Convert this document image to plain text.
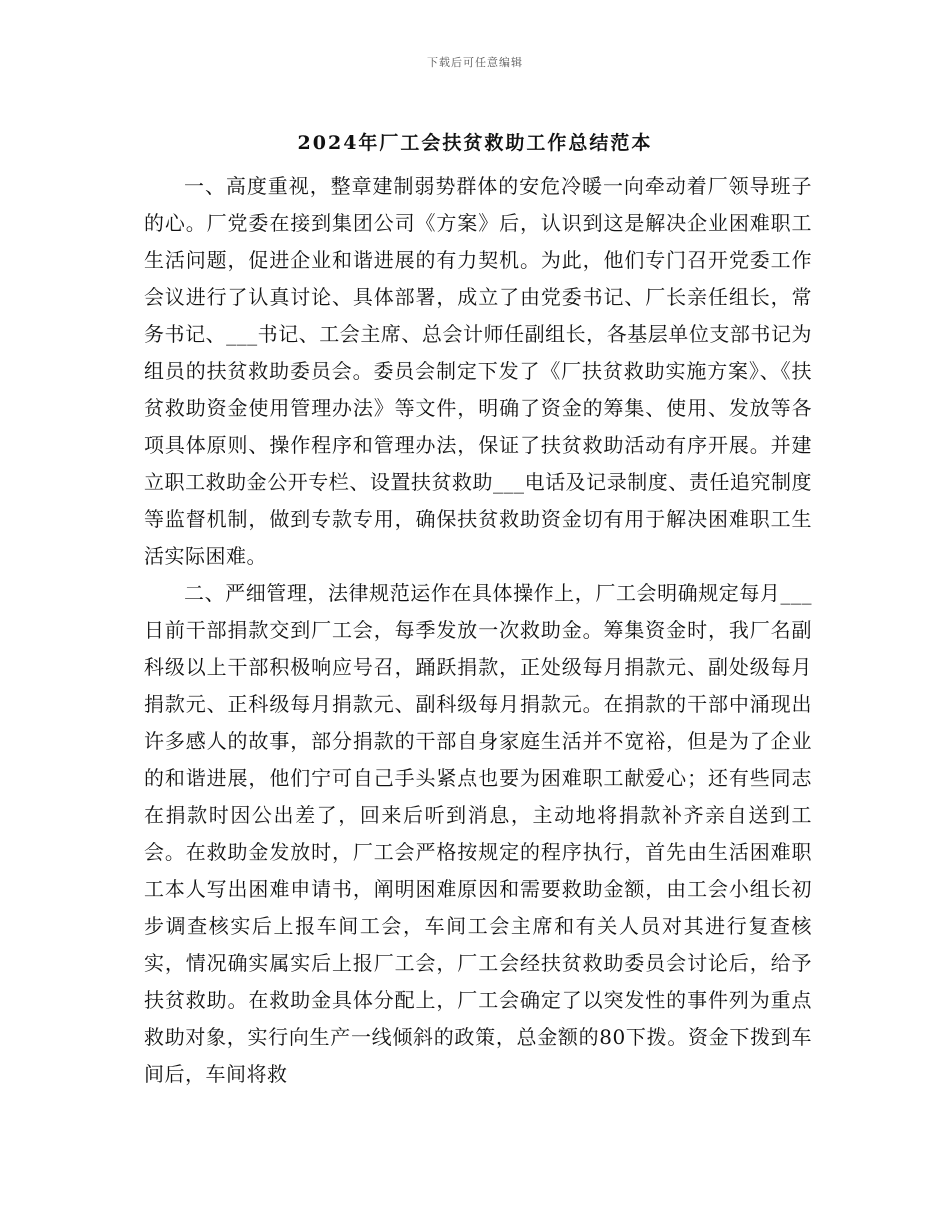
下载后可任意编辑
2024年厂工会扶贫救助工作总结范本

一、高度重视，整章建制弱势群体的安危冷暖一向牵动着厂领导班子的心。厂党委在接到集团公司《方案》后，认识到这是解决企业困难职工生活问题，促进企业和谐进展的有力契机。为此，他们专门召开党委工作会议进行了认真讨论、具体部署，成立了由党委书记、厂长亲任组长，常务书记、___书记、工会主席、总会计师任副组长，各基层单位支部书记为组员的扶贫救助委员会。委员会制定下发了《厂扶贫救助实施方案》、《扶贫救助资金使用管理办法》等文件，明确了资金的筹集、使用、发放等各项具体原则、操作程序和管理办法，保证了扶贫救助活动有序开展。并建立职工救助金公开专栏、设置扶贫救助___电话及记录制度、责任追究制度等监督机制，做到专款专用，确保扶贫救助资金切有用于解决困难职工生活实际困难。

二、严细管理，法律规范运作在具体操作上，厂工会明确规定每月___日前干部捐款交到厂工会，每季发放一次救助金。筹集资金时，我厂名副科级以上干部积极响应号召，踊跃捐款，正处级每月捐款元、副处级每月捐款元、正科级每月捐款元、副科级每月捐款元。在捐款的干部中涌现出许多感人的故事，部分捐款的干部自身家庭生活并不宽裕，但是为了企业的和谐进展，他们宁可自己手头紧点也要为困难职工献爱心；还有些同志在捐款时因公出差了，回来后听到消息，主动地将捐款补齐亲自送到工会。在救助金发放时，厂工会严格按规定的程序执行，首先由生活困难职工本人写出困难申请书，阐明困难原因和需要救助金额，由工会小组长初步调查核实后上报车间工会，车间工会主席和有关人员对其进行复查核实，情况确实属实后上报厂工会，厂工会经扶贫救助委员会讨论后，给予扶贫救助。在救助金具体分配上，厂工会确定了以突发性的事件列为重点救助对象，实行向生产一线倾斜的政策，总金额的80下拨。资金下拨到车间后，车间将救
